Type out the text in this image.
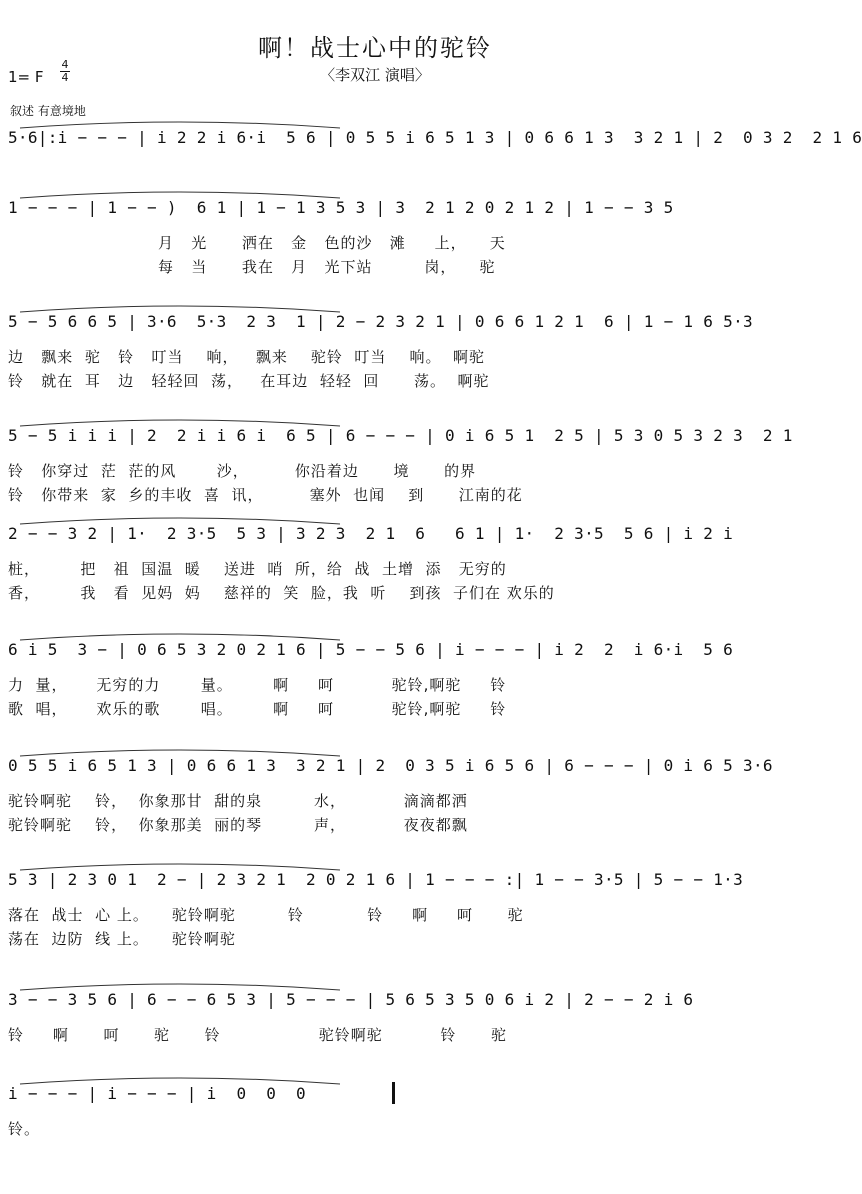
啊！战士心中的驼铃
〈李双江 演唱〉
1= F
4
4
叙述 有意境地
5·6|:i − − − | i 2 2 i 6·i  5 6 | 0 5 5 i 6 5 1 3 | 0 6 6 1 3  3 2 1 | 2  0 3 2  2 1 6
1 − − − | 1 − − )  6 1 | 1 − 1 3 5 3 | 3  2 1 2 0 2 1 2 | 1 − − 3 5
月   光      洒在   金   色的沙   滩     上，    天
每   当      我在   月   光下站         岗，    驼
5 − 5 6 6 5 | 3·6  5·3  2 3  1 | 2 − 2 3 2 1 | 0 6 6 1 2 1  6 | 1 − 1 6 5·3
边   飘来  驼   铃   叮当    响，   飘来    驼铃  叮当    响。  啊驼
铃   就在  耳   边   轻轻回  荡，   在耳边  轻轻  回      荡。  啊驼
5 − 5 i i i | 2  2 i i 6 i  6 5 | 6 − − − | 0 i 6 5 1  2 5 | 5 3 0 5 3 2 3  2 1
铃   你穿过  茫  茫的风       沙，        你沿着边      境      的界
铃   你带来  家  乡的丰收  喜  讯，        塞外  也闻    到      江南的花
2 − − 3 2 | 1·  2 3·5  5 3 | 3 2 3  2 1  6   6 1 | 1·  2 3·5  5 6 | i 2 i
桩，       把   祖  国温  暖    送进  哨  所，给  战  土增  添   无穷的
香，       我   看  见妈  妈    慈祥的  笑  脸，我  听    到孩  子们在 欢乐的
6 i 5  3 − | 0 6 5 3 2 0 2 1 6 | 5 − − 5 6 | i − − − | i 2  2  i 6·i  5 6
力  量，     无穷的力       量。       啊     呵          驼铃,啊驼     铃
歌  唱，     欢乐的歌       唱。       啊     呵          驼铃,啊驼     铃
0 5 5 i 6 5 1 3 | 0 6 6 1 3  3 2 1 | 2  0 3 5 i 6 5 6 | 6 − − − | 0 i 6 5 3·6
驼铃啊驼    铃，  你象那甘  甜的泉         水，          滴滴都洒
驼铃啊驼    铃，  你象那美  丽的琴         声，          夜夜都飘
5 3 | 2 3 0 1  2 − | 2 3 2 1  2 0 2 1 6 | 1 − − − :| 1 − − 3·5 | 5 − − 1·3
落在  战士  心 上。    驼铃啊驼         铃           铃     啊     呵      驼
荡在  边防  线 上。    驼铃啊驼
3 − − 3 5 6 | 6 − − 6 5 3 | 5 − − − | 5 6 5 3 5 0 6 i 2 | 2 − − 2 i 6
铃     啊      呵      驼      铃                 驼铃啊驼          铃      驼
i − − − | i − − − | i  0  0  0
铃。
